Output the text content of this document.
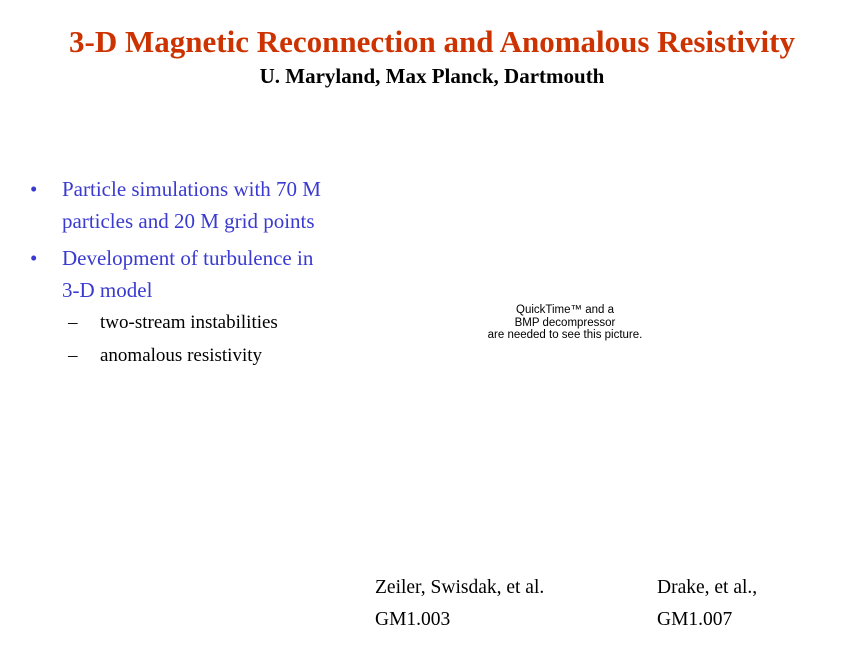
3-D Magnetic Reconnection and Anomalous Resistivity
U. Maryland, Max Planck, Dartmouth
• Particle simulations with 70 M particles and 20 M grid points
• Development of turbulence in 3-D model
– two-stream instabilities
– anomalous resistivity
QuickTime™ and a
BMP decompressor
are needed to see this picture.
Zeiler, Swisdak, et al.
GM1.003
Drake, et al.,
GM1.007
